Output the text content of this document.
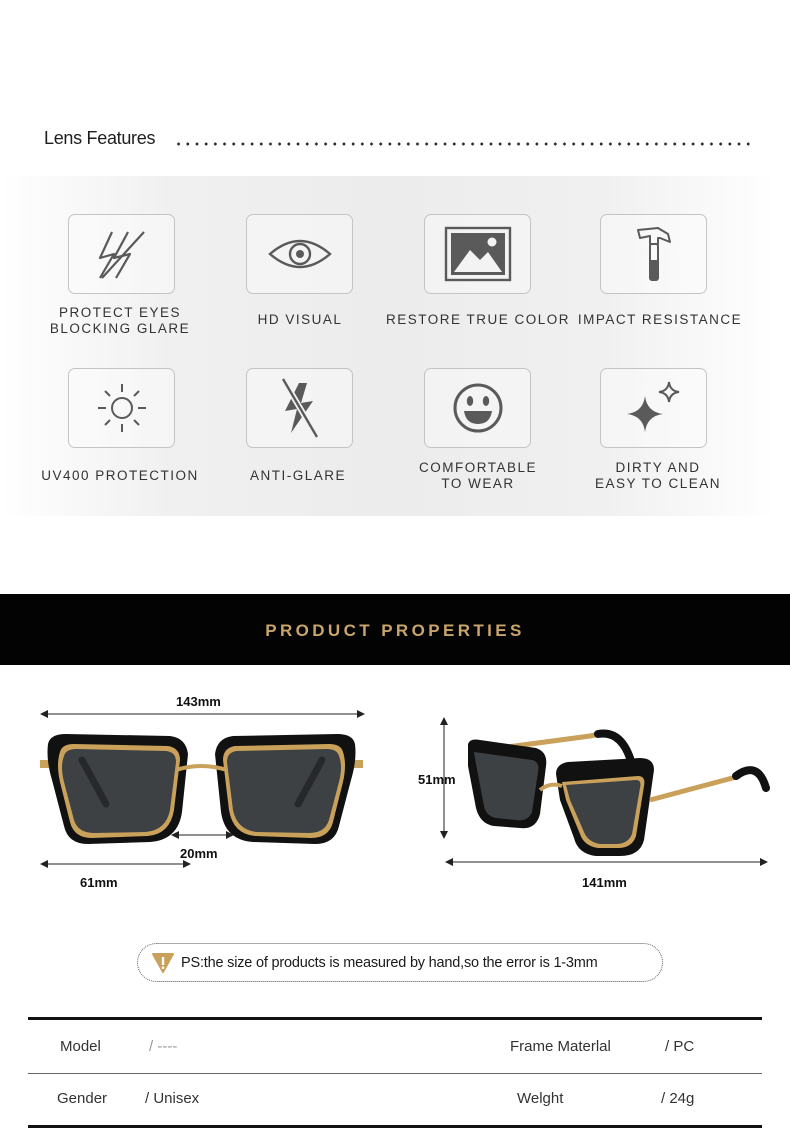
Lens Features
PROTECT EYES
BLOCKING GLARE
HD VISUAL	RESTORE TRUE COLOR IMPACT RESISTANCE
UV400 PROTECTION	ANTI-GLARE
COMFORTABLE
TO WEAR
DIRTY AND
EASY TO CLEAN
PRODUCT PROPERTIES
143mm
20mm
61mm
51mm
141mm
PS:the size of products is measured by hand,so the error is 1-3mm
Model	/ ----	Frame Materlal	/ PC
Gender	/ Unisex	Welght	/ 24g
